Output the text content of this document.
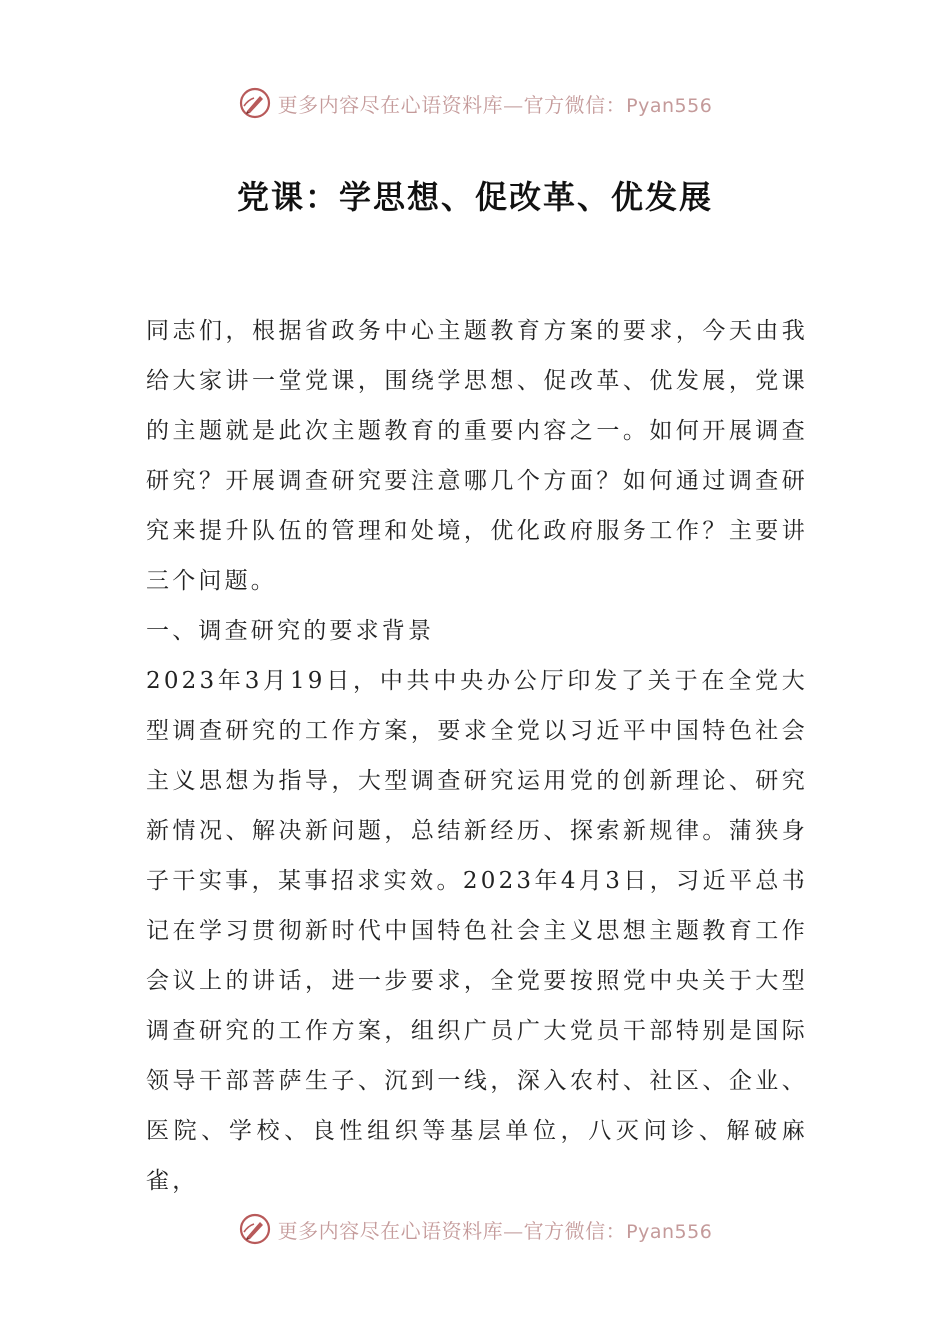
更多内容尽在心语资料库—官方微信：Pyan556
党课：学思想、促改革、优发展

同志们，根据省政务中心主题教育方案的要求，今天由我给大家讲一堂党课，围绕学思想、促改革、优发展，党课的主题就是此次主题教育的重要内容之一。如何开展调查研究？开展调查研究要注意哪几个方面？如何通过调查研究来提升队伍的管理和处境，优化政府服务工作？主要讲三个问题。

一、调查研究的要求背景

2023年3月19日，中共中央办公厅印发了关于在全党大型调查研究的工作方案，要求全党以习近平中国特色社会主义思想为指导，大型调查研究运用党的创新理论、研究新情况、解决新问题，总结新经历、探索新规律。蒲狭身子干实事，某事招求实效。2023年4月3日，习近平总书记在学习贯彻新时代中国特色社会主义思想主题教育工作会议上的讲话，进一步要求，全党要按照党中央关于大型调查研究的工作方案，组织广员广大党员干部特别是国际领导干部菩萨生子、沉到一线，深入农村、社区、企业、医院、学校、良性组织等基层单位，八灭问诊、解破麻雀，

更多内容尽在心语资料库—官方微信：Pyan556
